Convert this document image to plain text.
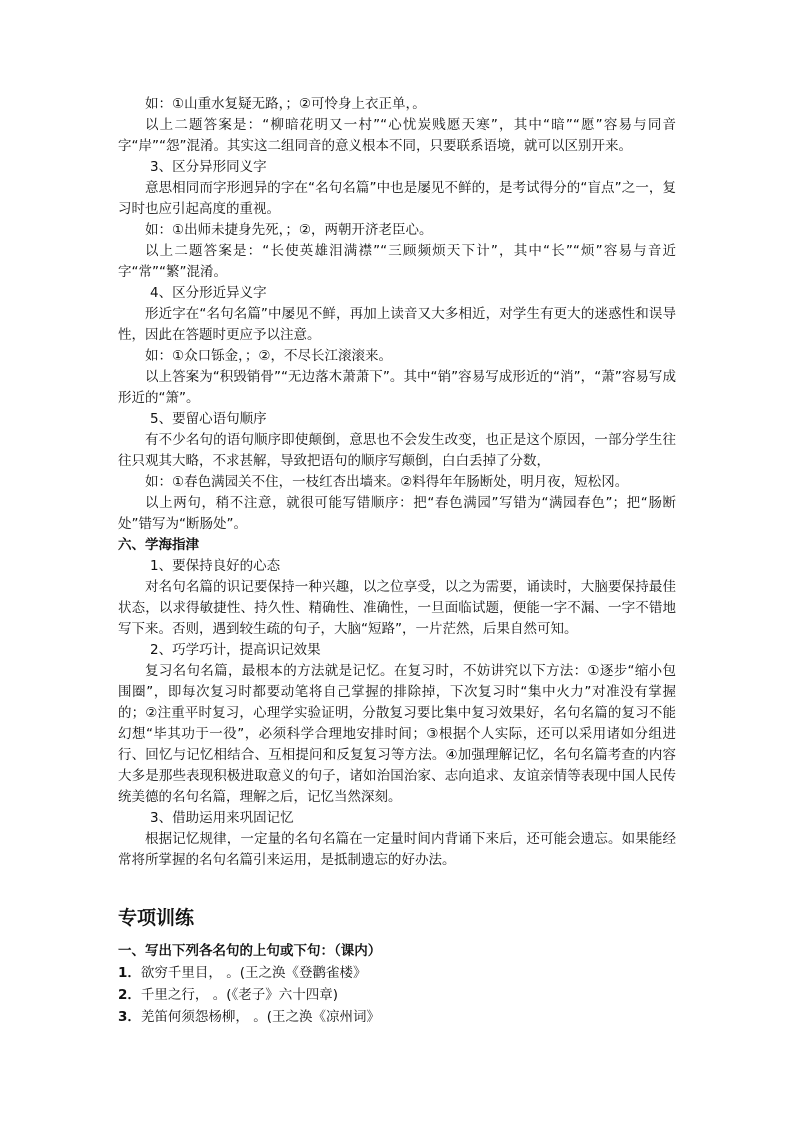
如：①山重水复疑无路，；②可怜身上衣正单，。

以上二题答案是：“柳暗花明又一村”“心忧炭贱愿天寒”，其中“暗”“愿”容易与同音字“岸”“怨”混淆。其实这二组同音的意义根本不同，只要联系语境，就可以区别开来。

3、区分异形同义字

意思相同而字形迥异的字在“名句名篇”中也是屡见不鲜的，是考试得分的“盲点”之一，复习时也应引起高度的重视。

如：①出师未捷身先死，；②，两朝开济老臣心。

以上二题答案是：“长使英雄泪满襟”“三顾频烦天下计”，其中“长”“烦”容易与音近字“常”“繁”混淆。

4、区分形近异义字

形近字在“名句名篇”中屡见不鲜，再加上读音又大多相近，对学生有更大的迷惑性和误导性，因此在答题时更应予以注意。

如：①众口铄金，；②，不尽长江滚滚来。

以上答案为“积毁销骨”“无边落木萧萧下”。其中“销”容易写成形近的“消”，“萧”容易写成形近的“箫”。

5、要留心语句顺序

有不少名句的语句顺序即使颠倒，意思也不会发生改变，也正是这个原因，一部分学生往往只观其大略，不求甚解，导致把语句的顺序写颠倒，白白丢掉了分数，

如：①春色满园关不住，一枝红杏出墙来。②料得年年肠断处，明月夜，短松冈。

以上两句，稍不注意，就很可能写错顺序：把“春色满园”写错为“满园春色”；把“肠断处”错写为“断肠处”。

六、学海指津

1、要保持良好的心态

对名句名篇的识记要保持一种兴趣，以之位享受，以之为需要，诵读时，大脑要保持最佳状态，以求得敏捷性、持久性、精确性、准确性，一旦面临试题，便能一字不漏、一字不错地写下来。否则，遇到较生疏的句子，大脑“短路”，一片茫然，后果自然可知。

2、巧学巧计，提高识记效果

复习名句名篇，最根本的方法就是记忆。在复习时，不妨讲究以下方法：①逐步“缩小包围圈”，即每次复习时都要动笔将自己掌握的排除掉，下次复习时“集中火力”对准没有掌握的；②注重平时复习，心理学实验证明，分散复习要比集中复习效果好，名句名篇的复习不能幻想“毕其功于一役”，必须科学合理地安排时间；③根据个人实际，还可以采用诸如分组进行、回忆与记忆相结合、互相提问和反复复习等方法。④加强理解记忆，名句名篇考查的内容大多是那些表现积极进取意义的句子，诸如治国治家、志向追求、友谊亲情等表现中国人民传统美德的名句名篇，理解之后，记忆当然深刻。

3、借助运用来巩固记忆

根据记忆规律，一定量的名句名篇在一定量时间内背诵下来后，还可能会遗忘。如果能经常将所掌握的名句名篇引来运用，是抵制遗忘的好办法。

专项训练

一、写出下列各名句的上句或下句：（课内）

1．欲穷千里目， 。(王之涣《登鹳雀楼》
2．千里之行， 。(《老子》六十四章)
3．羌笛何须怨杨柳， 。(王之涣《凉州词》
